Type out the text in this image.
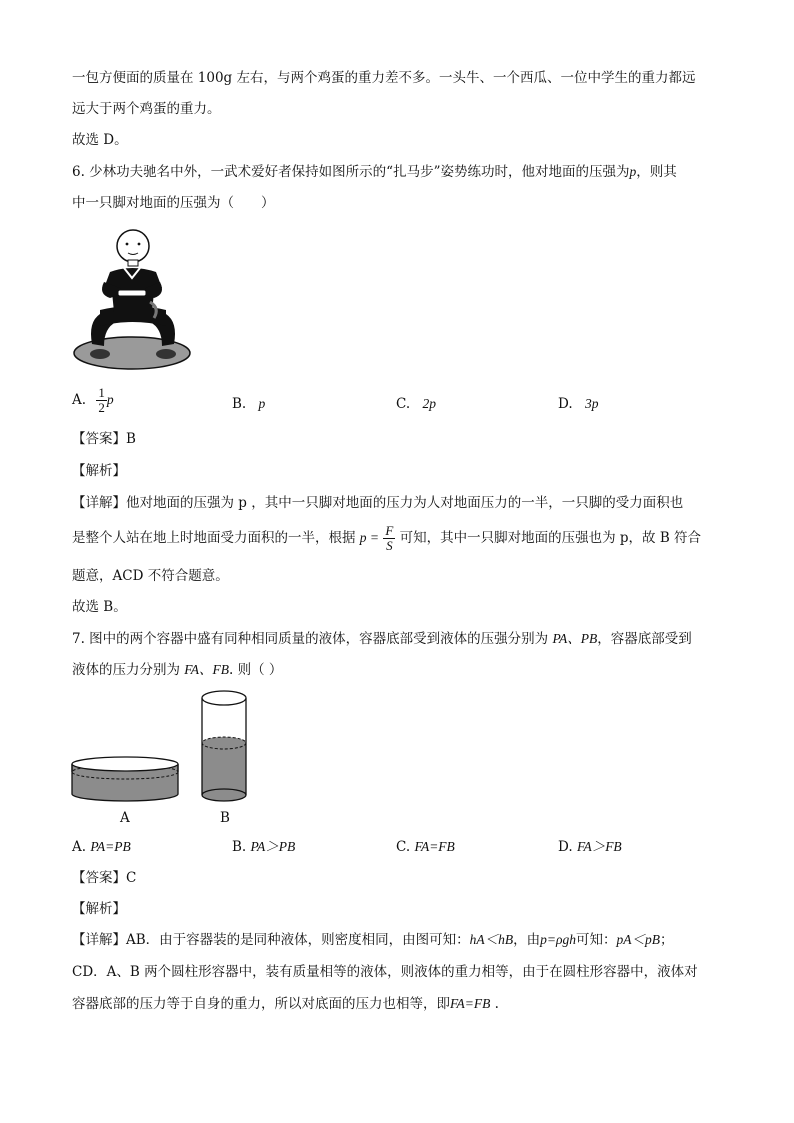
一包方便面的质量在 100g 左右，与两个鸡蛋的重力差不多。一头牛、一个西瓜、一位中学生的重力都远
远大于两个鸡蛋的重力。
故选 D。
6. 少林功夫驰名中外，一武术爱好者保持如图所示的“扎马步”姿势练功时，他对地面的压强为p，则其
中一只脚对地面的压强为（　　）
A. $\frac{1}{2}$ p	B. p	C. 2p	D. 3p
【答案】B
【解析】
【详解】他对地面的压强为 p ，其中一只脚对地面的压力为人对地面压力的一半，一只脚的受力面积也
是整个人站在地上时地面受力面积的一半，根据 $p = \frac{F}{S}$ 可知，其中一只脚对地面的压强也为 p，故 B 符合
题意，ACD 不符合题意。
故选 B。
7. 图中的两个容器中盛有同种相同质量的液体，容器底部受到液体的压强分别为 PA、PB，容器底部受到
液体的压力分别为 FA、FB. 则（ ）
A	B
A. PA=PB	B. PA＞PB	C. FA=FB	D. FA＞FB
【答案】C
【解析】
【详解】AB．由于容器装的是同种液体，则密度相同，由图可知：hA＜hB，由p=ρgh可知：pA＜pB；
CD．A、B 两个圆柱形容器中，装有质量相等的液体，则液体的重力相等，由于在圆柱形容器中，液体对
容器底部的压力等于自身的重力，所以对底面的压力也相等，即FA=FB .
